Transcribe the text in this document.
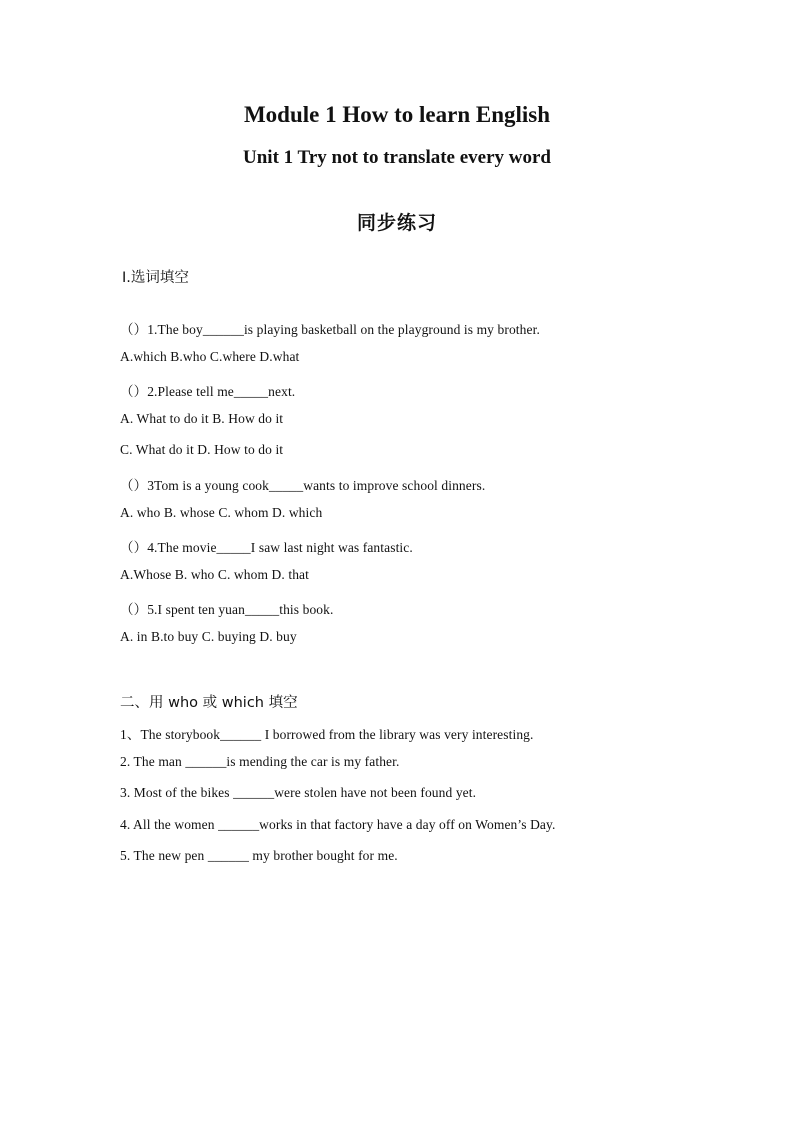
Module 1 How to learn English
Unit 1 Try not to translate every word
同步练习
Ⅰ.选词填空
（）1.The boy______is playing basketball on the playground is my brother.
A.which B.who C.where D.what
（）2.Please tell me_____next.
A. What to do it B. How do it
C. What do it D. How to do it
（）3Tom is a young cook_____wants to improve school dinners.
A. who B. whose C. whom D. which
（）4.The movie_____I saw last night was fantastic.
A.Whose B. who C. whom D. that
（）5.I spent ten yuan_____this book.
A. in B.to buy C. buying D. buy
二、用 who 或 which 填空
1、The storybook______ I borrowed from the library was very interesting.
2. The man ______is mending the car is my father.
3. Most of the bikes ______were stolen have not been found yet.
4. All the women ______works in that factory have a day off on Women’s Day.
5. The new pen ______ my brother bought for me.
